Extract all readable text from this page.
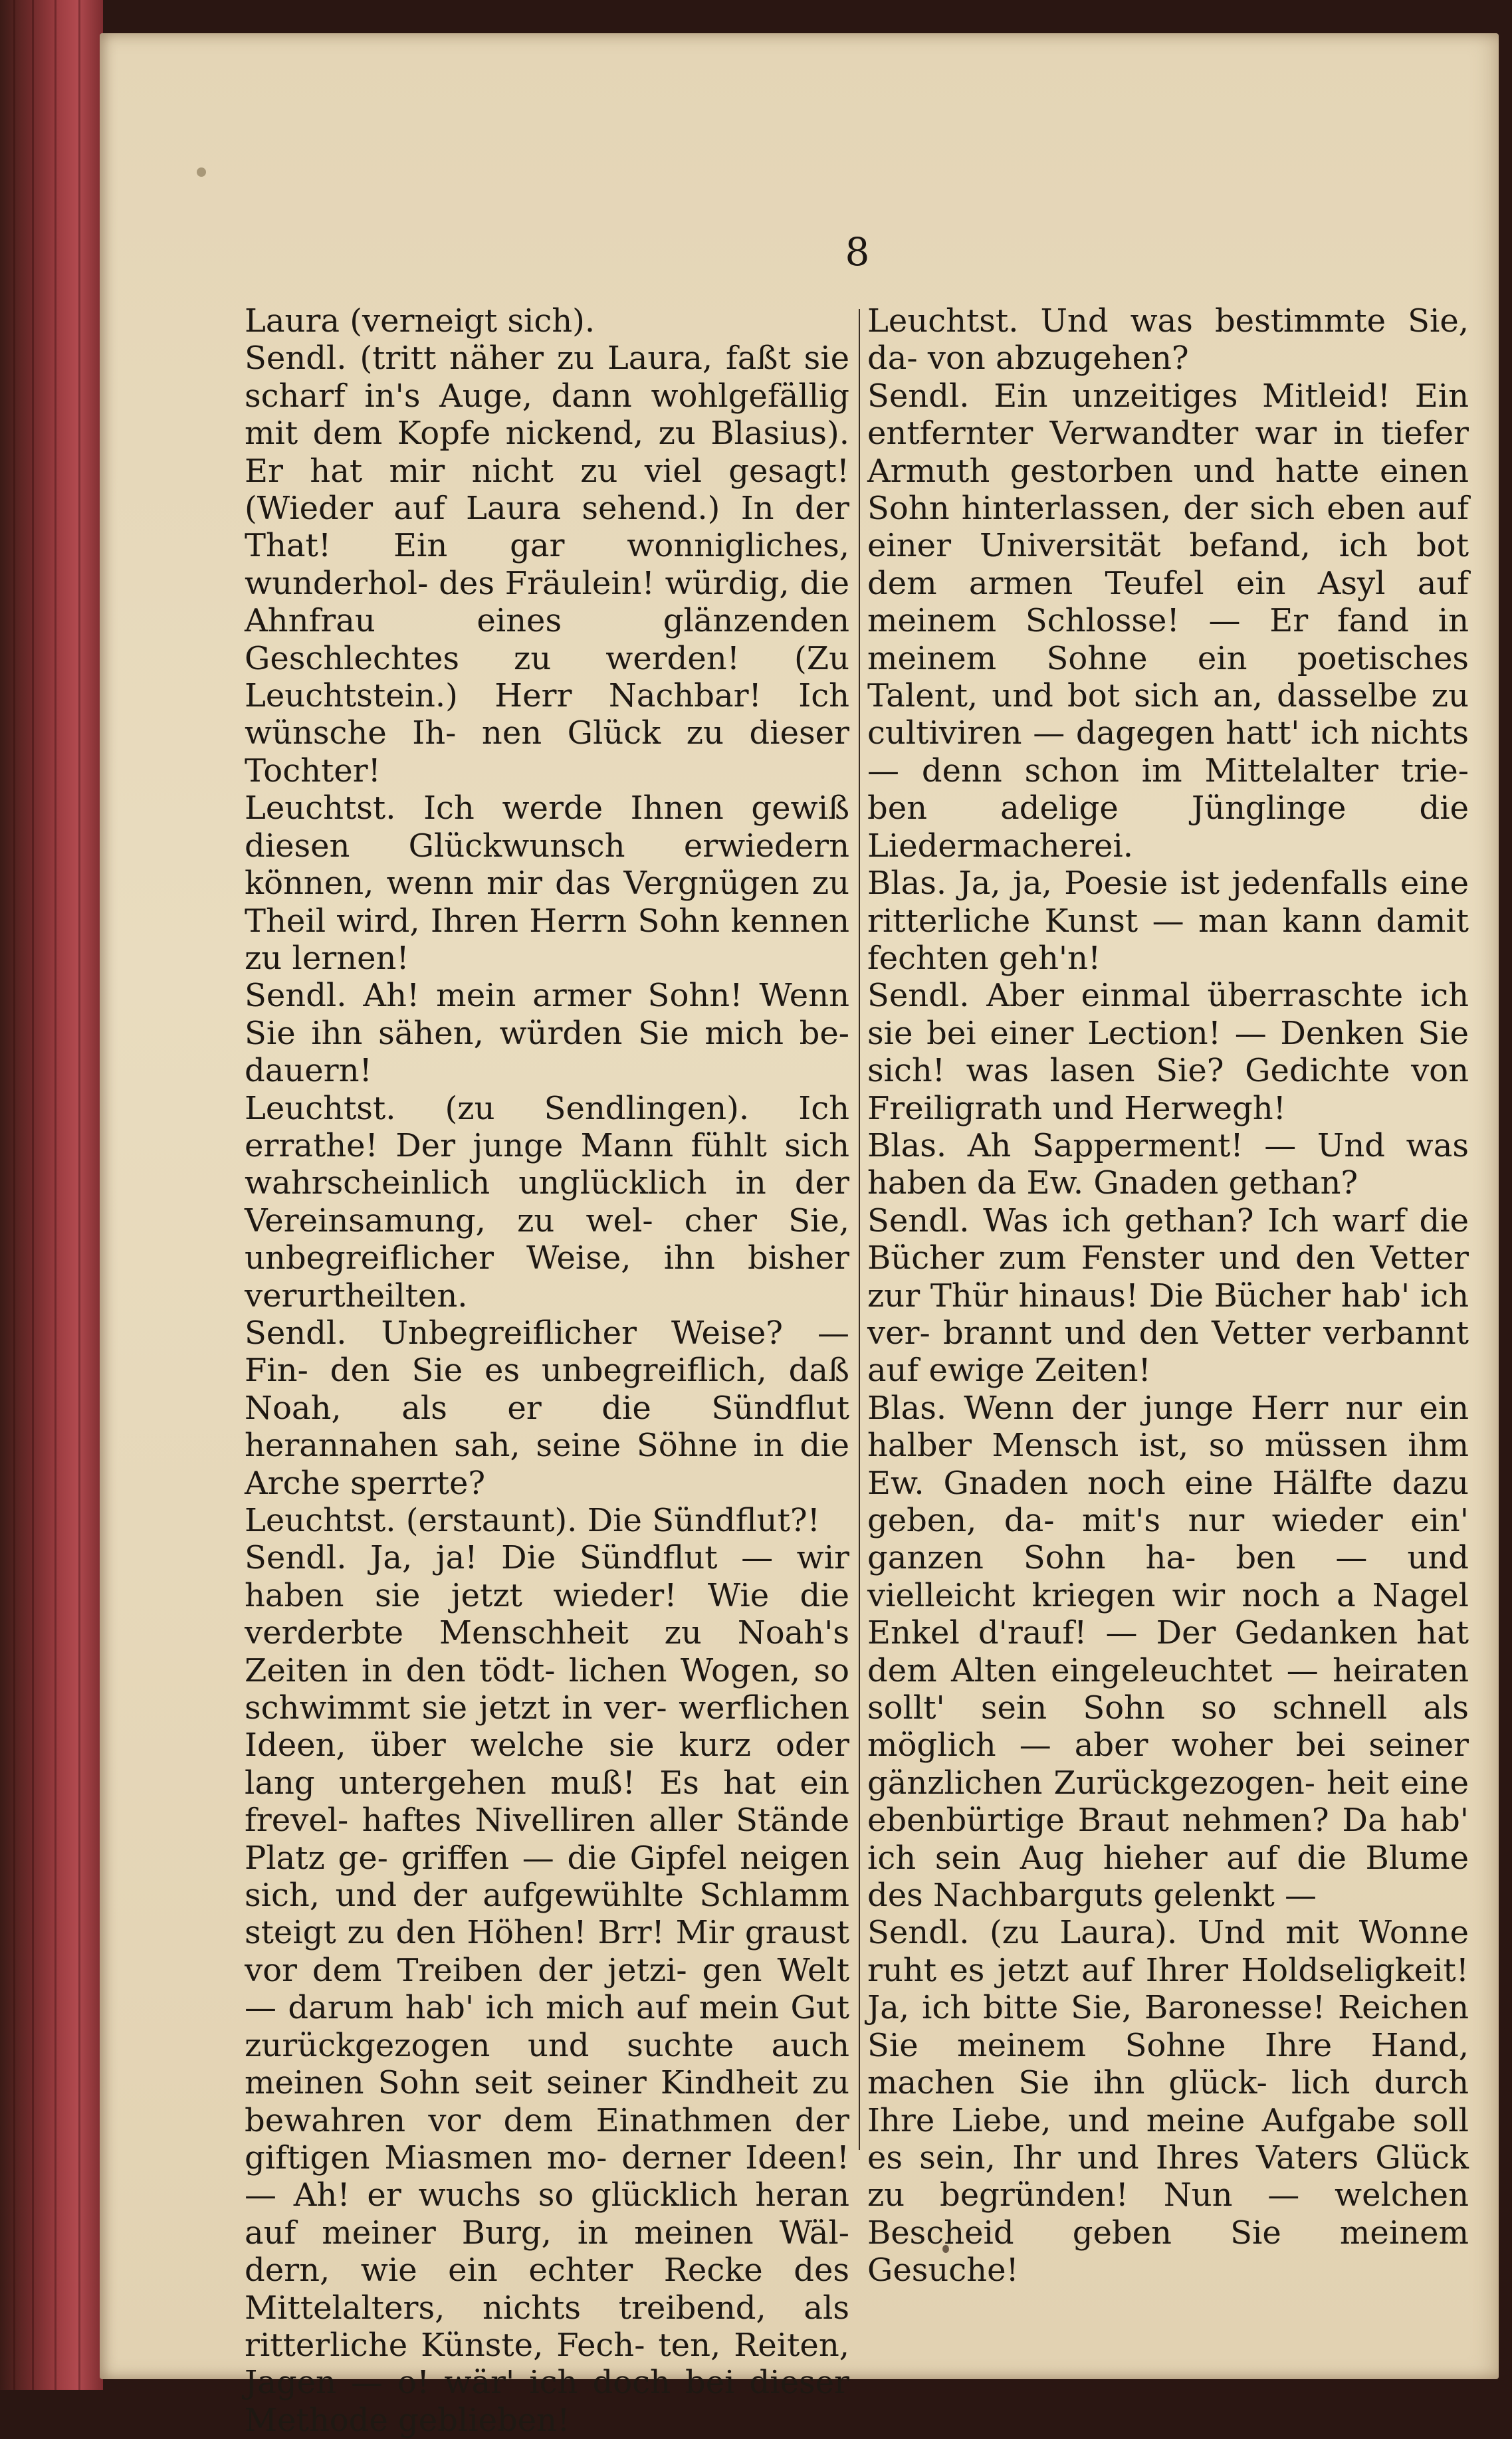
8

Laura (verneigt sich).
Sendl. (tritt näher zu Laura, faßt sie scharf in's Auge, dann wohlgefällig mit dem Kopfe nickend, zu Blasius). Er hat mir nicht zu viel gesagt! (Wieder auf Laura sehend.) In der That! Ein gar wonnigliches, wunderhol- des Fräulein! würdig, die Ahnfrau eines glänzenden Geschlechtes zu werden! (Zu Leuchtstein.) Herr Nachbar! Ich wünsche Ih- nen Glück zu dieser Tochter!
Leuchtst. Ich werde Ihnen gewiß diesen Glückwunsch erwiedern können, wenn mir das Vergnügen zu Theil wird, Ihren Herrn Sohn kennen zu lernen!
Sendl. Ah! mein armer Sohn! Wenn Sie ihn sähen, würden Sie mich be- dauern!
Leuchtst. (zu Sendlingen). Ich errathe! Der junge Mann fühlt sich wahrscheinlich unglücklich in der Vereinsamung, zu wel- cher Sie, unbegreiflicher Weise, ihn bisher verurtheilten.
Sendl. Unbegreiflicher Weise? — Fin- den Sie es unbegreiflich, daß Noah, als er die Sündflut herannahen sah, seine Söhne in die Arche sperrte?
Leuchtst. (erstaunt). Die Sündflut?!
Sendl. Ja, ja! Die Sündflut — wir haben sie jetzt wieder! Wie die verderbte Menschheit zu Noah's Zeiten in den tödt- lichen Wogen, so schwimmt sie jetzt in ver- werflichen Ideen, über welche sie kurz oder lang untergehen muß! Es hat ein frevel- haftes Nivelliren aller Stände Platz ge- griffen — die Gipfel neigen sich, und der aufgewühlte Schlamm steigt zu den Höhen! Brr! Mir graust vor dem Treiben der jetzi- gen Welt — darum hab' ich mich auf mein Gut zurückgezogen und suchte auch meinen Sohn seit seiner Kindheit zu bewahren vor dem Einathmen der giftigen Miasmen mo- derner Ideen! — Ah! er wuchs so glücklich heran auf meiner Burg, in meinen Wäl- dern, wie ein echter Recke des Mittelalters, nichts treibend, als ritterliche Künste, Fech- ten, Reiten, Jagen — o! wär' ich doch bei dieser Methode geblieben!

Leuchtst. Und was bestimmte Sie, da- von abzugehen?
Sendl. Ein unzeitiges Mitleid! Ein entfernter Verwandter war in tiefer Armuth gestorben und hatte einen Sohn hinterlassen, der sich eben auf einer Universität befand, ich bot dem armen Teufel ein Asyl auf meinem Schlosse! — Er fand in meinem Sohne ein poetisches Talent, und bot sich an, dasselbe zu cultiviren — dagegen hatt' ich nichts — denn schon im Mittelalter trie- ben adelige Jünglinge die Liedermacherei.
Blas. Ja, ja, Poesie ist jedenfalls eine ritterliche Kunst — man kann damit fechten geh'n!
Sendl. Aber einmal überraschte ich sie bei einer Lection! — Denken Sie sich! was lasen Sie? Gedichte von Freiligrath und Herwegh!
Blas. Ah Sapperment! — Und was haben da Ew. Gnaden gethan?
Sendl. Was ich gethan? Ich warf die Bücher zum Fenster und den Vetter zur Thür hinaus! Die Bücher hab' ich ver- brannt und den Vetter verbannt auf ewige Zeiten!
Blas. Wenn der junge Herr nur ein halber Mensch ist, so müssen ihm Ew. Gnaden noch eine Hälfte dazu geben, da- mit's nur wieder ein' ganzen Sohn ha- ben — und vielleicht kriegen wir noch a Nagel Enkel d'rauf! — Der Gedanken hat dem Alten eingeleuchtet — heiraten sollt' sein Sohn so schnell als möglich — aber woher bei seiner gänzlichen Zurückgezogen- heit eine ebenbürtige Braut nehmen? Da hab' ich sein Aug hieher auf die Blume des Nachbarguts gelenkt —
Sendl. (zu Laura). Und mit Wonne ruht es jetzt auf Ihrer Holdseligkeit! Ja, ich bitte Sie, Baronesse! Reichen Sie meinem Sohne Ihre Hand, machen Sie ihn glück- lich durch Ihre Liebe, und meine Aufgabe soll es sein, Ihr und Ihres Vaters Glück zu begründen! Nun — welchen Bescheid geben Sie meinem Gesuche!
